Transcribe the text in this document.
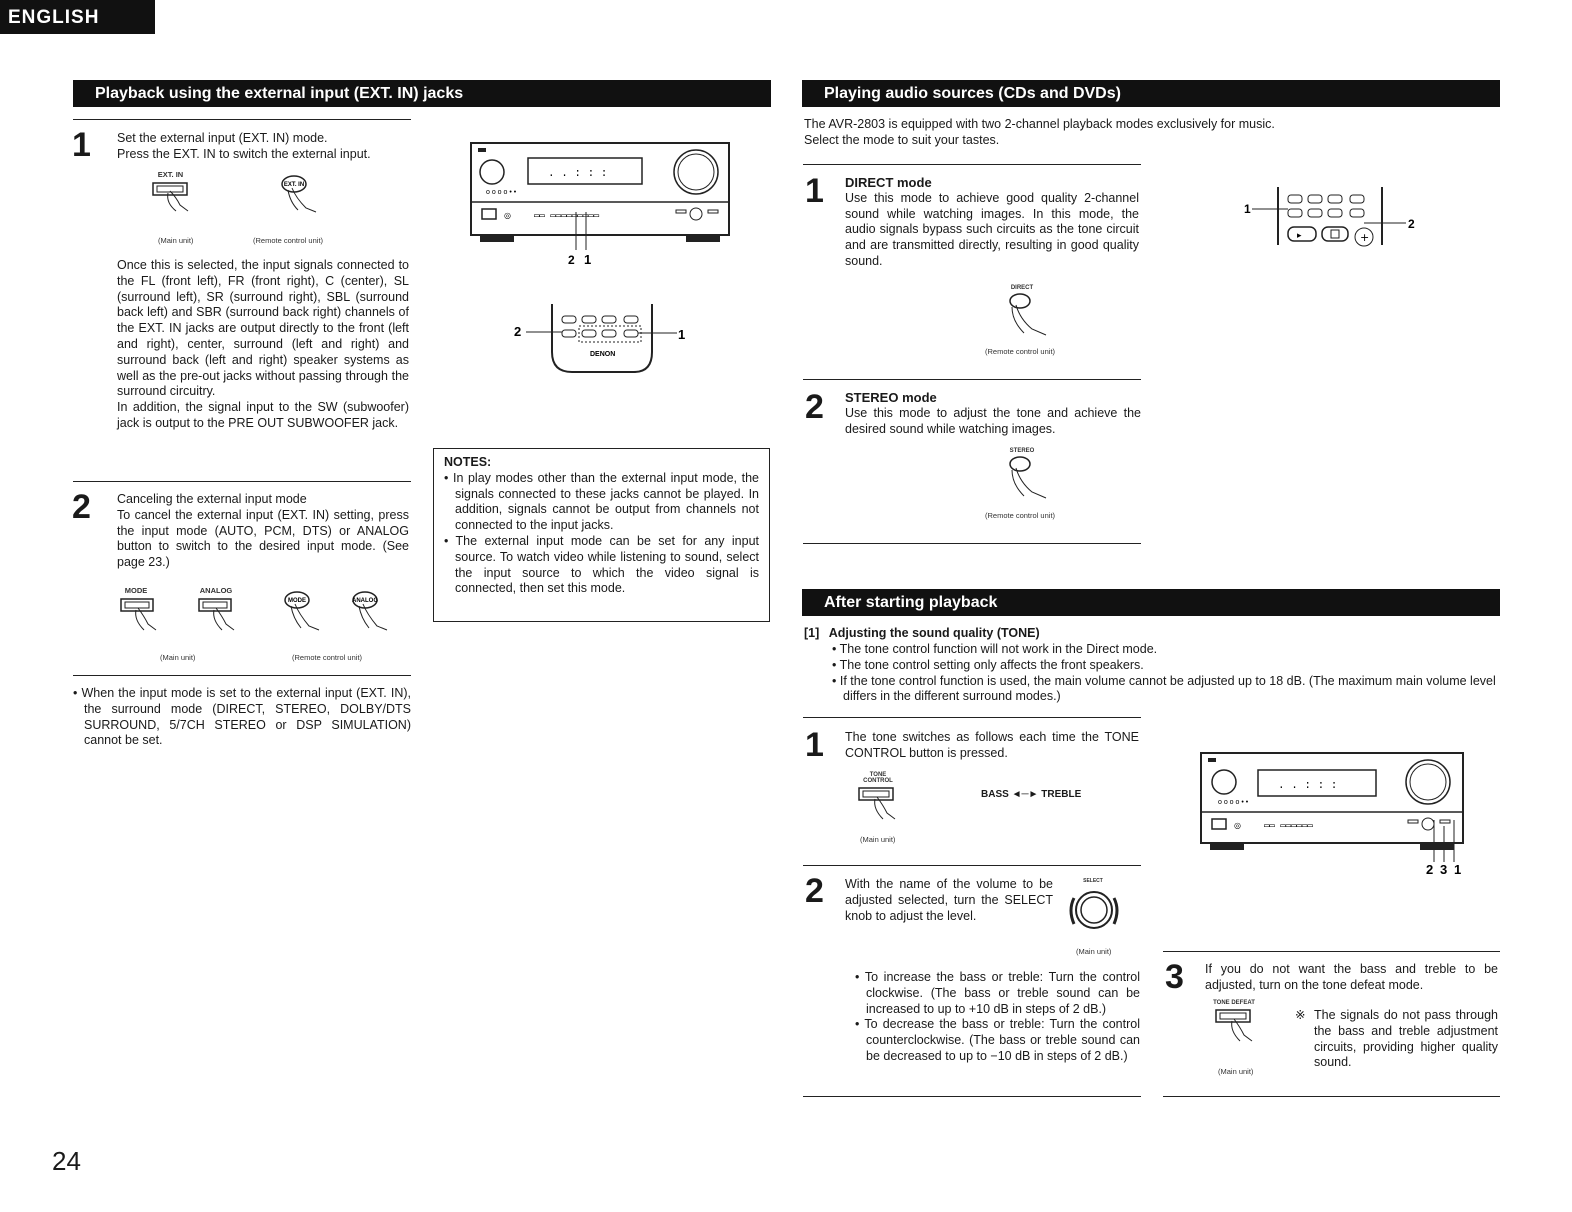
ENGLISH
Playback using the external input (EXT. IN) jacks
1 Set the external input (EXT. IN) mode.
Press the EXT. IN to switch the external input.
EXT. IN
EXT. IN
(Main unit)	(Remote control unit)
Once this is selected, the input signals connected to the FL (front left), FR (front right), C (center), SL (surround left), SR (surround right), SBL (surround back left) and SBR (surround back right) channels of the EXT. IN jacks are output directly to the front (left and right), center, surround (left and right) and surround back (left and right) speaker systems as well as the pre-out jacks without passing through the surround circuitry.
In addition, the signal input to the SW (subwoofer) jack is output to the PRE OUT SUBWOOFER jack.
2 Canceling the external input mode
To cancel the external input (EXT. IN) setting, press the input mode (AUTO, PCM, DTS) or ANALOG button to switch to the desired input mode. (See page 23.)
MODE	ANALOG
MODE	ANALOG
(Main unit)	(Remote control unit)
• When the input mode is set to the external input (EXT. IN), the surround mode (DIRECT, STEREO, DOLBY/DTS SURROUND, 5/7CH STEREO or DSP SIMULATION) cannot be set.
. . : : :
o o o o • •
◎	▭▭ ▭▭▭▭▭▭▭▭▭
2 1
DENON
2	1
NOTES:
• In play modes other than the external input mode, the signals connected to these jacks cannot be played. In addition, signals cannot be output from channels not connected to the input jacks.
• The external input mode can be set for any input source. To watch video while listening to sound, select the input source to which the video signal is connected, then set this mode.
24
Playing audio sources (CDs and DVDs)
The AVR-2803 is equipped with two 2-channel playback modes exclusively for music.
Select the mode to suit your tastes.
1 DIRECT mode
Use this mode to achieve good quality 2-channel sound while watching images. In this mode, the audio signals bypass such circuits as the tone circuit and are transmitted directly, resulting in good quality sound.
DIRECT
(Remote control unit)
2 STEREO mode
Use this mode to adjust the tone and achieve the desired sound while watching images.
STEREO
(Remote control unit)
▸	+
1
2
After starting playback
[1] Adjusting the sound quality (TONE)
• The tone control function will not work in the Direct mode.
• The tone control setting only affects the front speakers.
• If the tone control function is used, the main volume cannot be adjusted up to 18 dB. (The maximum main volume level differs in the different surround modes.)
1 The tone switches as follows each time the TONE CONTROL button is pressed.
TONE CONTROL
BASS ◄─► TREBLE
(Main unit)
2 With the name of the volume to be adjusted selected, turn the SELECT knob to adjust the level.
SELECT
(Main unit)
• To increase the bass or treble: Turn the control clockwise. (The bass or treble sound can be increased to up to +10 dB in steps of 2 dB.)
• To decrease the bass or treble: Turn the control counterclockwise. (The bass or treble sound can be decreased to up to −10 dB in steps of 2 dB.)
. . : : :
o o o o • •
◎	▭▭ ▭▭▭▭▭▭
2 3 1
3 If you do not want the bass and treble to be adjusted, turn on the tone defeat mode.
TONE DEFEAT
(Main unit)
※ The signals do not pass through the bass and treble adjustment circuits, providing higher quality sound.
